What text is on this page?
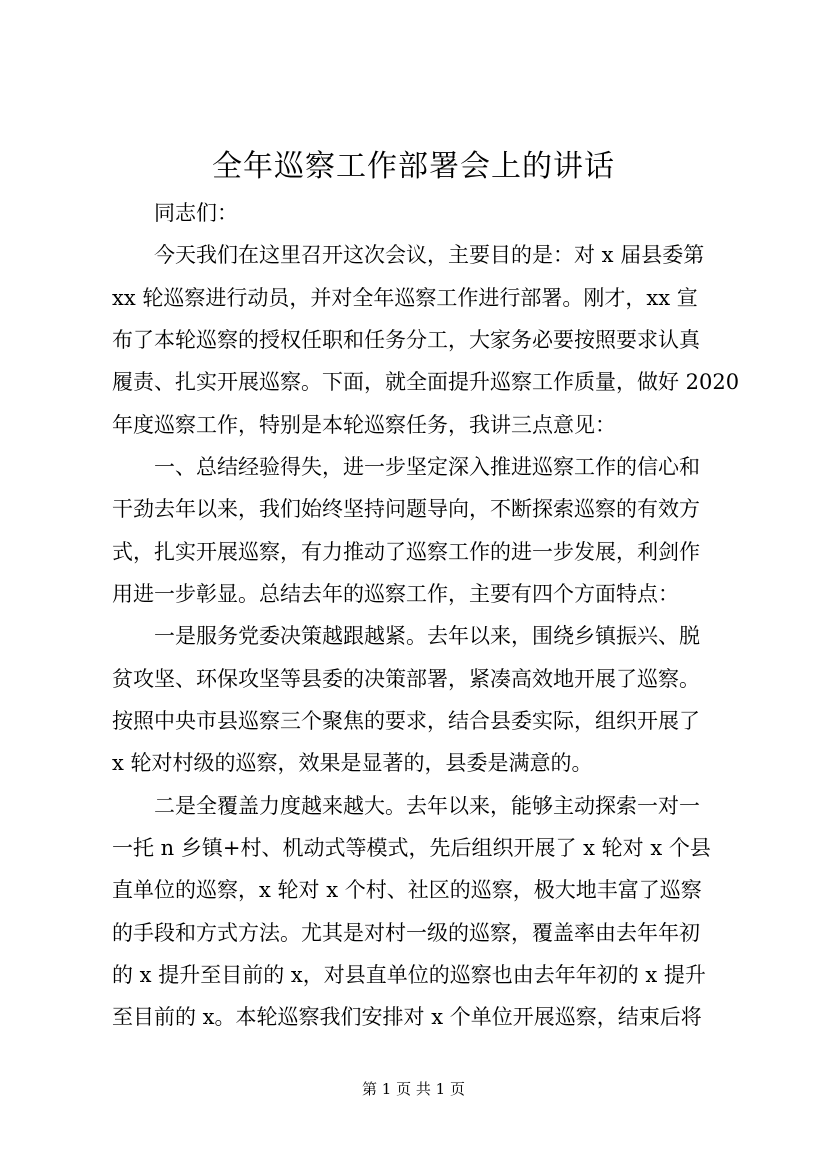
全年巡察工作部署会上的讲话

同志们：

今天我们在这里召开这次会议，主要目的是：对 x 届县委第

xx 轮巡察进行动员，并对全年巡察工作进行部署。刚才，xx 宣

布了本轮巡察的授权任职和任务分工，大家务必要按照要求认真

履责、扎实开展巡察。下面，就全面提升巡察工作质量，做好 2020

年度巡察工作，特别是本轮巡察任务，我讲三点意见：

一、总结经验得失，进一步坚定深入推进巡察工作的信心和

干劲去年以来，我们始终坚持问题导向，不断探索巡察的有效方

式，扎实开展巡察，有力推动了巡察工作的进一步发展，利剑作

用进一步彰显。总结去年的巡察工作，主要有四个方面特点：

一是服务党委决策越跟越紧。去年以来，围绕乡镇振兴、脱

贫攻坚、环保攻坚等县委的决策部署，紧凑高效地开展了巡察。

按照中央市县巡察三个聚焦的要求，结合县委实际，组织开展了

x 轮对村级的巡察，效果是显著的，县委是满意的。

二是全覆盖力度越来越大。去年以来，能够主动探索一对一

一托 n 乡镇+村、机动式等模式，先后组织开展了 x 轮对 x 个县

直单位的巡察，x 轮对 x 个村、社区的巡察，极大地丰富了巡察

的手段和方式方法。尤其是对村一级的巡察，覆盖率由去年年初

的 x 提升至目前的 x，对县直单位的巡察也由去年年初的 x 提升

至目前的 x。本轮巡察我们安排对 x 个单位开展巡察，结束后将

第 1 页 共 1 页
